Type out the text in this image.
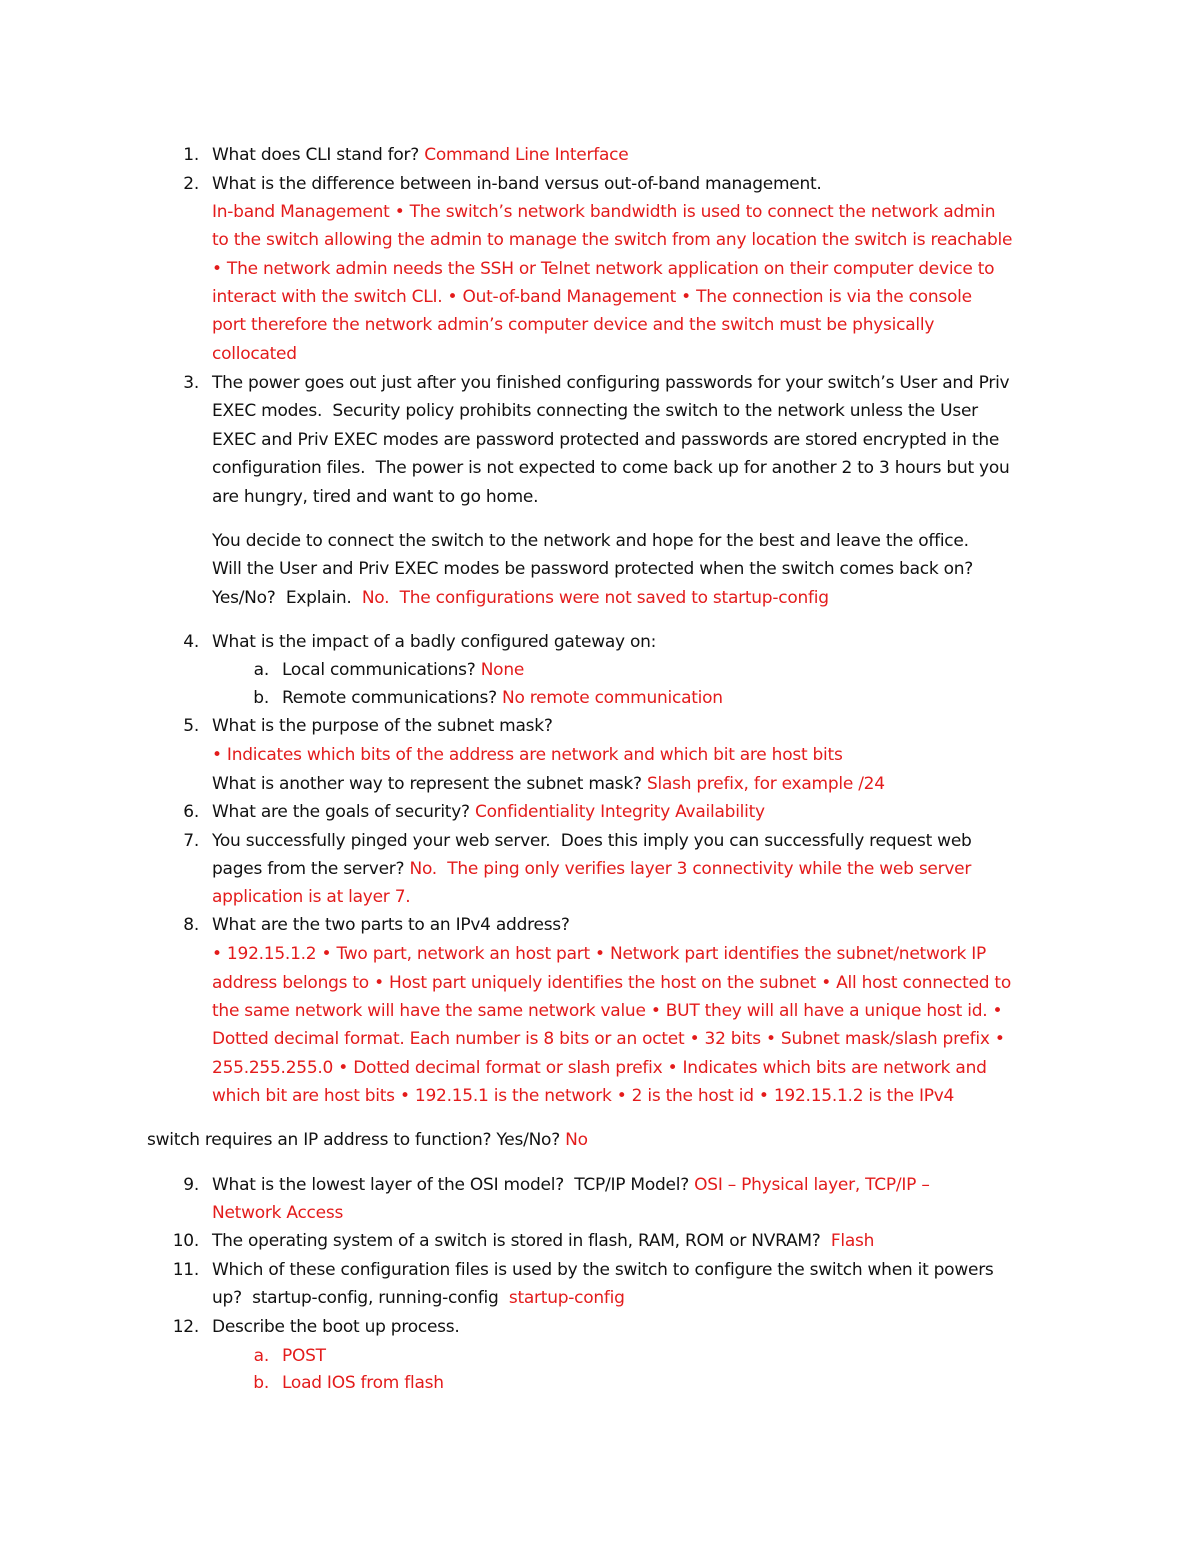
1. What does CLI stand for? Command Line Interface
2. What is the difference between in-band versus out-of-band management.
In-band Management • The switch’s network bandwidth is used to connect the network admin
to the switch allowing the admin to manage the switch from any location the switch is reachable
• The network admin needs the SSH or Telnet network application on their computer device to
interact with the switch CLI. • Out-of-band Management • The connection is via the console
port therefore the network admin’s computer device and the switch must be physically
collocated
3. The power goes out just after you finished configuring passwords for your switch’s User and Priv
EXEC modes.  Security policy prohibits connecting the switch to the network unless the User
EXEC and Priv EXEC modes are password protected and passwords are stored encrypted in the
configuration files.  The power is not expected to come back up for another 2 to 3 hours but you
are hungry, tired and want to go home.
You decide to connect the switch to the network and hope for the best and leave the office.
Will the User and Priv EXEC modes be password protected when the switch comes back on?
Yes/No?  Explain.  No.  The configurations were not saved to startup-config
4. What is the impact of a badly configured gateway on:
a. Local communications? None
b. Remote communications? No remote communication
5. What is the purpose of the subnet mask?
• Indicates which bits of the address are network and which bit are host bits
What is another way to represent the subnet mask? Slash prefix, for example /24
6. What are the goals of security? Confidentiality Integrity Availability
7. You successfully pinged your web server.  Does this imply you can successfully request web
pages from the server? No.  The ping only verifies layer 3 connectivity while the web server
application is at layer 7.
8. What are the two parts to an IPv4 address?
• 192.15.1.2 • Two part, network an host part • Network part identifies the subnet/network IP
address belongs to • Host part uniquely identifies the host on the subnet • All host connected to
the same network will have the same network value • BUT they will all have a unique host id. •
Dotted decimal format. Each number is 8 bits or an octet • 32 bits • Subnet mask/slash prefix •
255.255.255.0 • Dotted decimal format or slash prefix • Indicates which bits are network and
which bit are host bits • 192.15.1 is the network • 2 is the host id • 192.15.1.2 is the IPv4
switch requires an IP address to function? Yes/No? No
9. What is the lowest layer of the OSI model?  TCP/IP Model? OSI – Physical layer, TCP/IP –
Network Access
10. The operating system of a switch is stored in flash, RAM, ROM or NVRAM?  Flash
11. Which of these configuration files is used by the switch to configure the switch when it powers
up?  startup-config, running-config  startup-config
12. Describe the boot up process.
a. POST
b. Load IOS from flash
